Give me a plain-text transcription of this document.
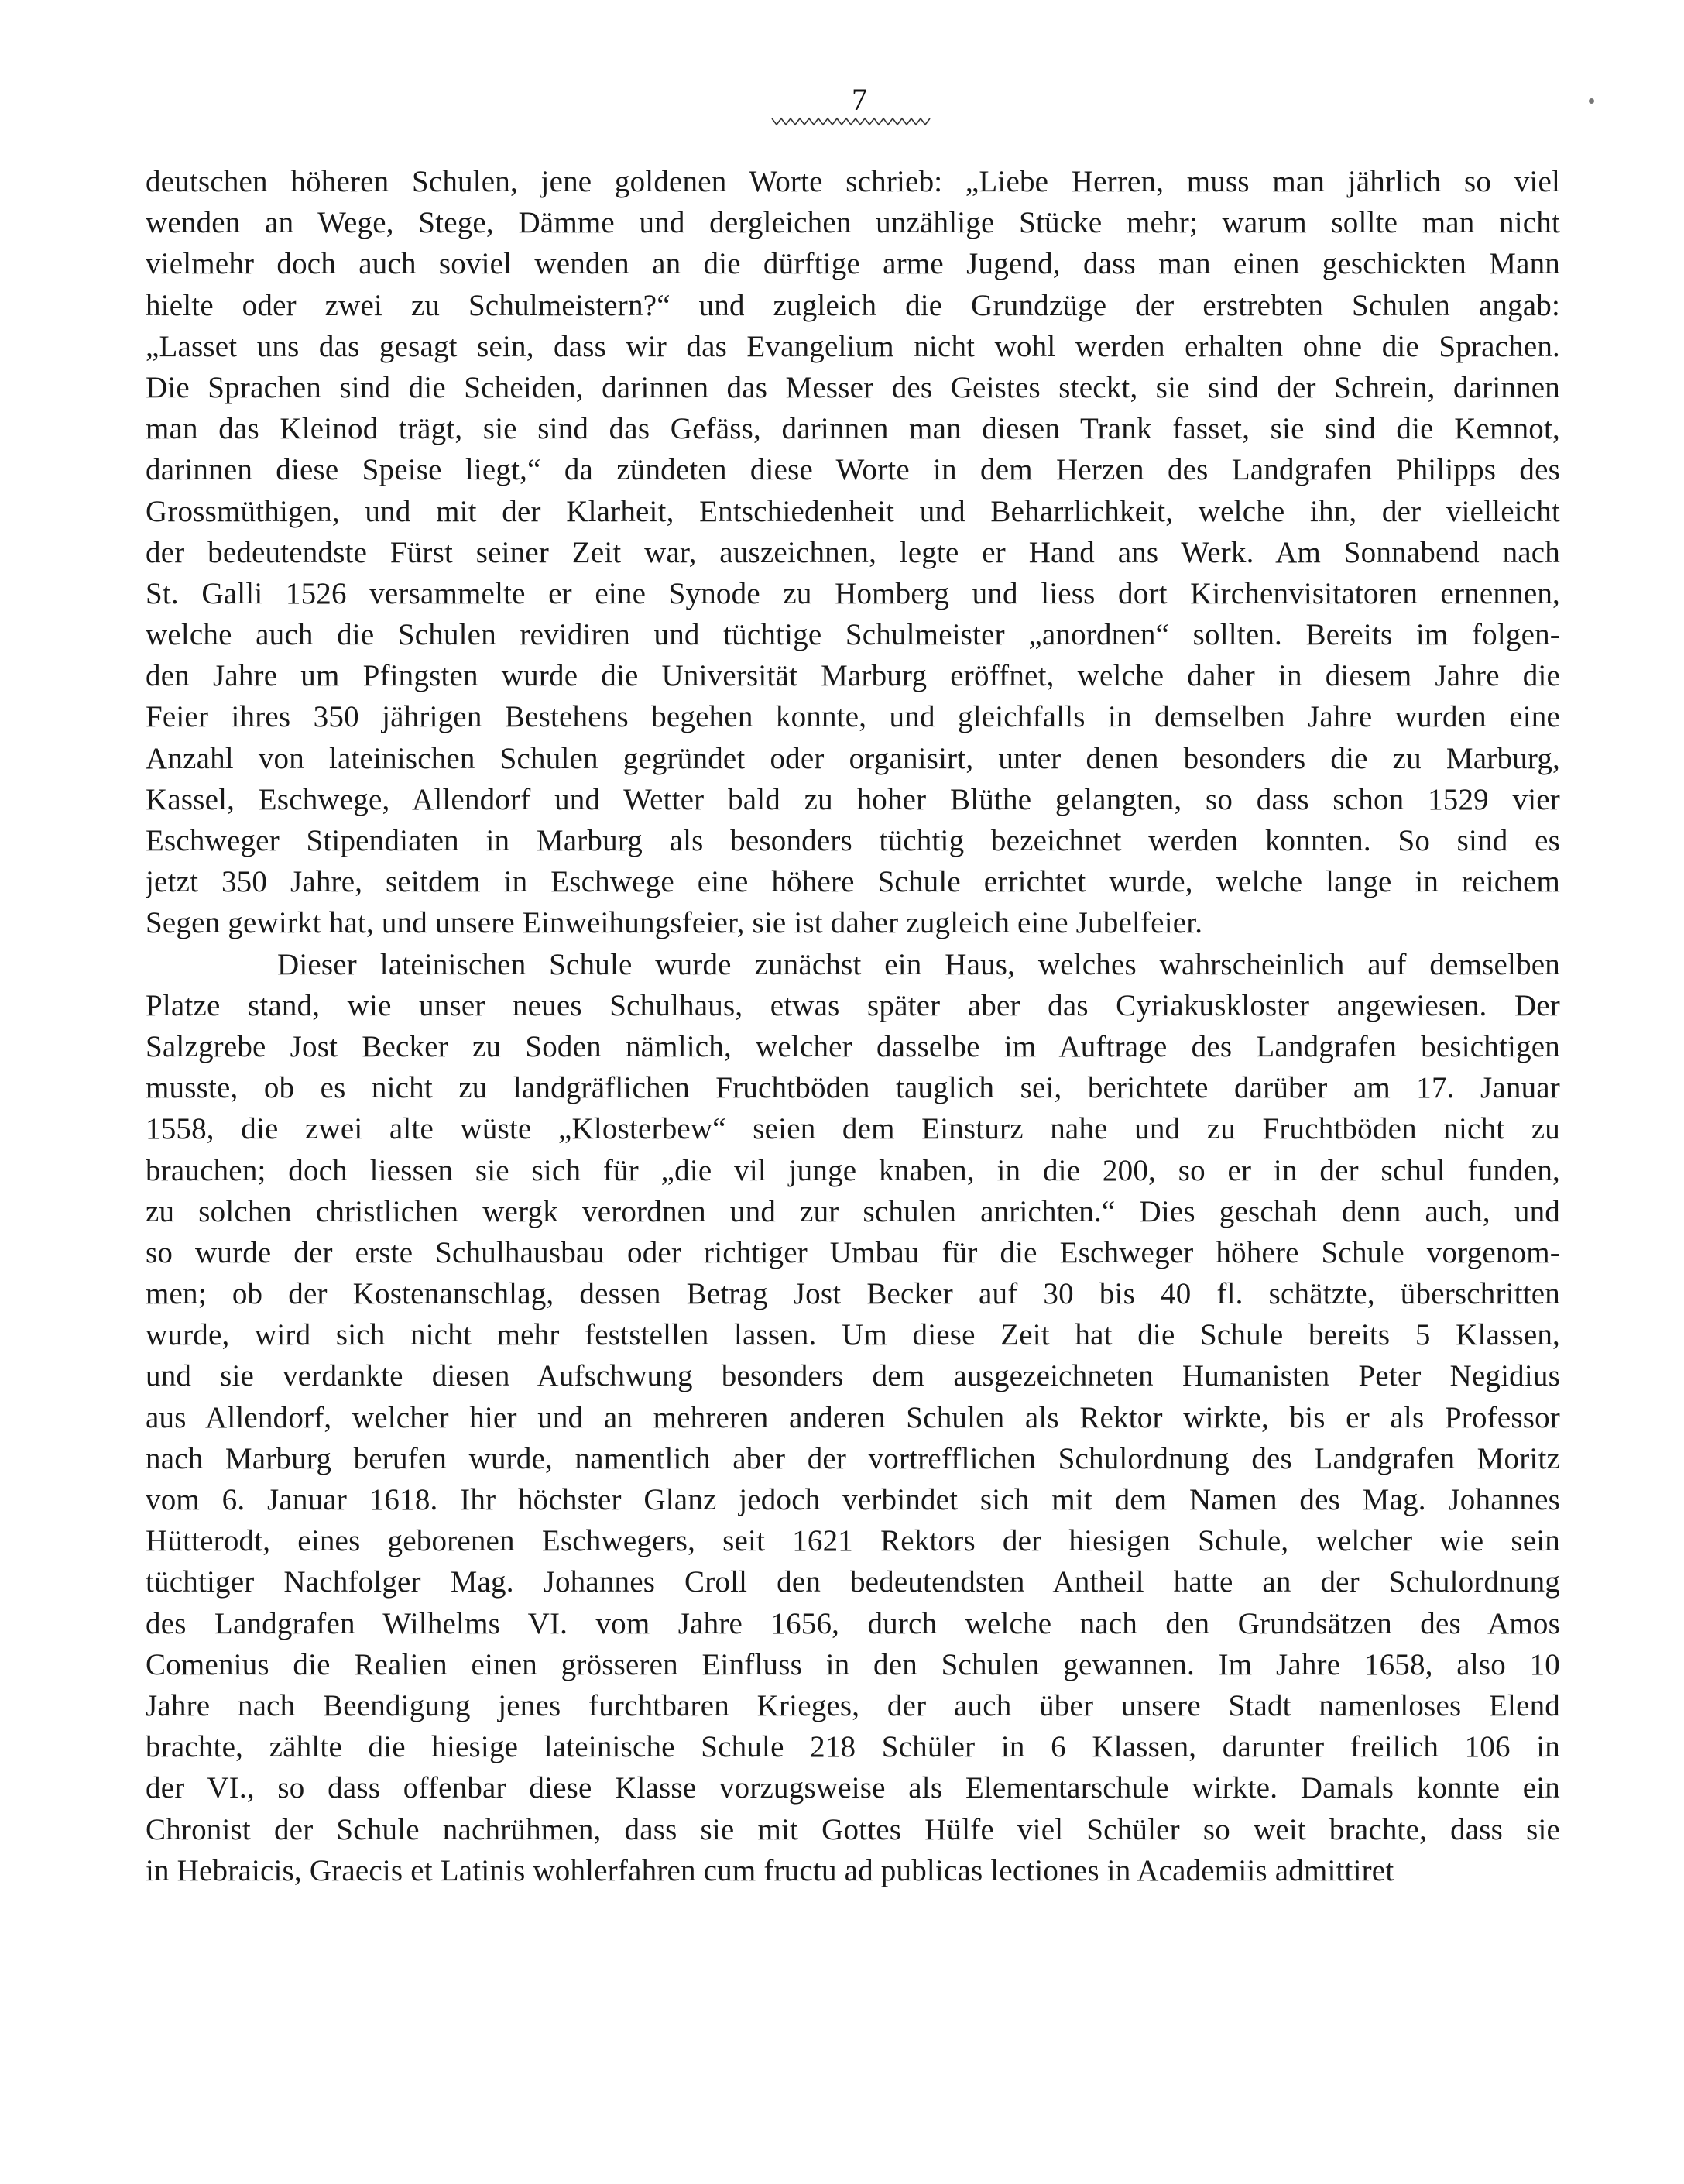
7
deutschen höheren Schulen, jene goldenen Worte schrieb: „Liebe Herren, muss man jährlich so viel
wenden an Wege, Stege, Dämme und dergleichen unzählige Stücke mehr; warum sollte man nicht
vielmehr doch auch soviel wenden an die dürftige arme Jugend, dass man einen geschickten Mann
hielte oder zwei zu Schulmeistern?“ und zugleich die Grundzüge der erstrebten Schulen angab:
„Lasset uns das gesagt sein, dass wir das Evangelium nicht wohl werden erhalten ohne die Sprachen.
Die Sprachen sind die Scheiden, darinnen das Messer des Geistes steckt, sie sind der Schrein, darinnen
man das Kleinod trägt, sie sind das Gefäss, darinnen man diesen Trank fasset, sie sind die Kemnot,
darinnen diese Speise liegt,“ da zündeten diese Worte in dem Herzen des Landgrafen Philipps des
Grossmüthigen, und mit der Klarheit, Entschiedenheit und Beharrlichkeit, welche ihn, der vielleicht
der bedeutendste Fürst seiner Zeit war, auszeichnen, legte er Hand ans Werk. Am Sonnabend nach
St. Galli 1526 versammelte er eine Synode zu Homberg und liess dort Kirchenvisitatoren ernennen,
welche auch die Schulen revidiren und tüchtige Schulmeister „anordnen“ sollten. Bereits im folgen-
den Jahre um Pfingsten wurde die Universität Marburg eröffnet, welche daher in diesem Jahre die
Feier ihres 350 jährigen Bestehens begehen konnte, und gleichfalls in demselben Jahre wurden eine
Anzahl von lateinischen Schulen gegründet oder organisirt, unter denen besonders die zu Marburg,
Kassel, Eschwege, Allendorf und Wetter bald zu hoher Blüthe gelangten, so dass schon 1529 vier
Eschweger Stipendiaten in Marburg als besonders tüchtig bezeichnet werden konnten. So sind es
jetzt 350 Jahre, seitdem in Eschwege eine höhere Schule errichtet wurde, welche lange in reichem
Segen gewirkt hat, und unsere Einweihungsfeier, sie ist daher zugleich eine Jubelfeier.
Dieser lateinischen Schule wurde zunächst ein Haus, welches wahrscheinlich auf demselben
Platze stand, wie unser neues Schulhaus, etwas später aber das Cyriakuskloster angewiesen. Der
Salzgrebe Jost Becker zu Soden nämlich, welcher dasselbe im Auftrage des Landgrafen besichtigen
musste, ob es nicht zu landgräflichen Fruchtböden tauglich sei, berichtete darüber am 17. Januar
1558, die zwei alte wüste „Klosterbew“ seien dem Einsturz nahe und zu Fruchtböden nicht zu
brauchen; doch liessen sie sich für „die vil junge knaben, in die 200, so er in der schul funden,
zu solchen christlichen wergk verordnen und zur schulen anrichten.“ Dies geschah denn auch, und
so wurde der erste Schulhausbau oder richtiger Umbau für die Eschweger höhere Schule vorgenom-
men; ob der Kostenanschlag, dessen Betrag Jost Becker auf 30 bis 40 fl. schätzte, überschritten
wurde, wird sich nicht mehr feststellen lassen. Um diese Zeit hat die Schule bereits 5 Klassen,
und sie verdankte diesen Aufschwung besonders dem ausgezeichneten Humanisten Peter Negidius
aus Allendorf, welcher hier und an mehreren anderen Schulen als Rektor wirkte, bis er als Professor
nach Marburg berufen wurde, namentlich aber der vortrefflichen Schulordnung des Landgrafen Moritz
vom 6. Januar 1618. Ihr höchster Glanz jedoch verbindet sich mit dem Namen des Mag. Johannes
Hütterodt, eines geborenen Eschwegers, seit 1621 Rektors der hiesigen Schule, welcher wie sein
tüchtiger Nachfolger Mag. Johannes Croll den bedeutendsten Antheil hatte an der Schulordnung
des Landgrafen Wilhelms VI. vom Jahre 1656, durch welche nach den Grundsätzen des Amos
Comenius die Realien einen grösseren Einfluss in den Schulen gewannen. Im Jahre 1658, also 10
Jahre nach Beendigung jenes furchtbaren Krieges, der auch über unsere Stadt namenloses Elend
brachte, zählte die hiesige lateinische Schule 218 Schüler in 6 Klassen, darunter freilich 106 in
der VI., so dass offenbar diese Klasse vorzugsweise als Elementarschule wirkte. Damals konnte ein
Chronist der Schule nachrühmen, dass sie mit Gottes Hülfe viel Schüler so weit brachte, dass sie
in Hebraicis, Graecis et Latinis wohlerfahren cum fructu ad publicas lectiones in Academiis admittiret
